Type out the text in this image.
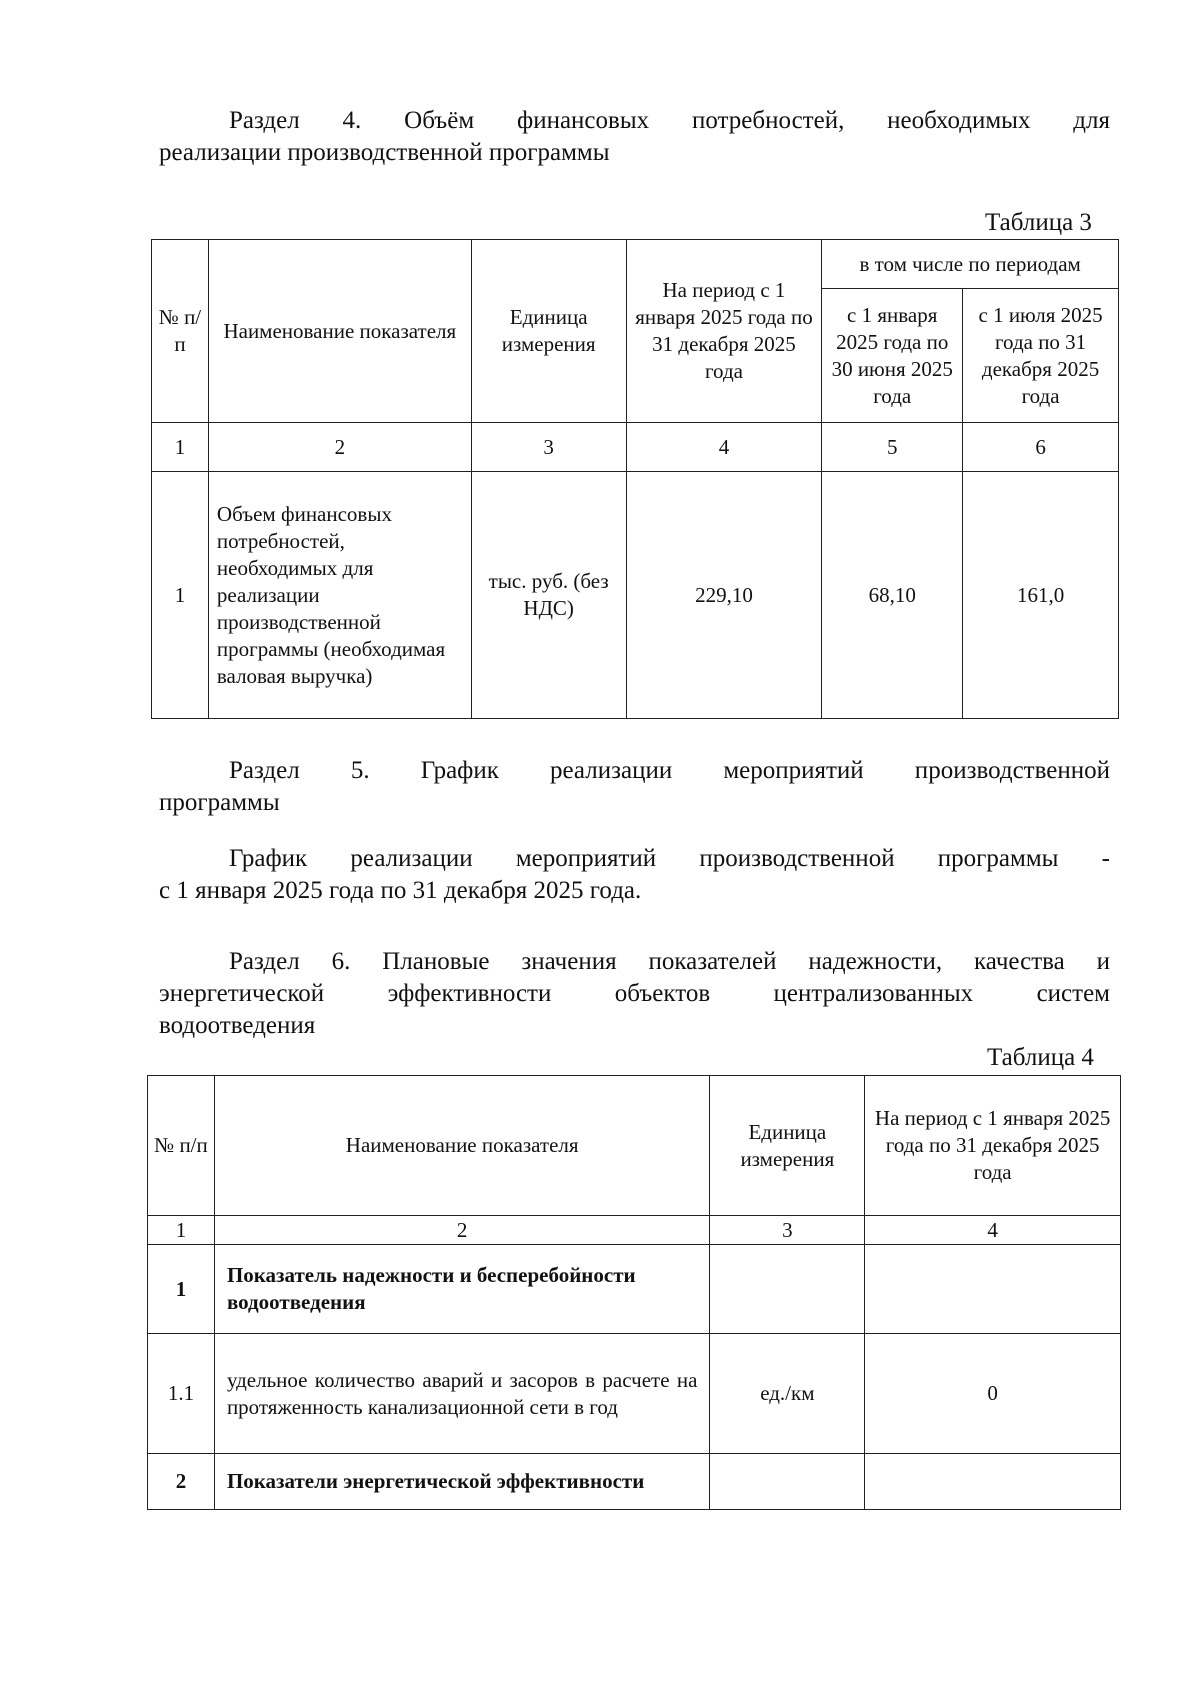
Раздел 4. Объём финансовых потребностей, необходимых для
реализации производственной программы
Таблица 3
№ п/п	Наименование показателя	Единица измерения	На период с 1 января 2025 года по 31 декабря 2025 года	в том числе по периодам	
				с 1 января 2025 года по 30 июня 2025 года	с 1 июля 2025 года по 31 декабря 2025 года
1	2	3	4	5	6
1	Объем финансовых потребностей, необходимых для реализации производственной программы (необходимая валовая выручка)	тыс. руб. (без НДС)	229,10	68,10	161,0
Раздел 5. График реализации мероприятий производственной
программы
График реализации мероприятий производственной программы -
с 1 января 2025 года по 31 декабря 2025 года.
Раздел 6. Плановые значения показателей надежности, качества и
энергетической эффективности объектов централизованных систем
водоотведения
Таблица 4
№ п/п	Наименование показателя	Единица измерения	На период с 1 января 2025 года по 31 декабря 2025 года
1	2	3	4
1	Показатель надежности и бесперебойности водоотведения		
1.1	удельное количество аварий и засоров в расчете на протяженность канализационной сети в год	ед./км	0
2	Показатели энергетической эффективности		
